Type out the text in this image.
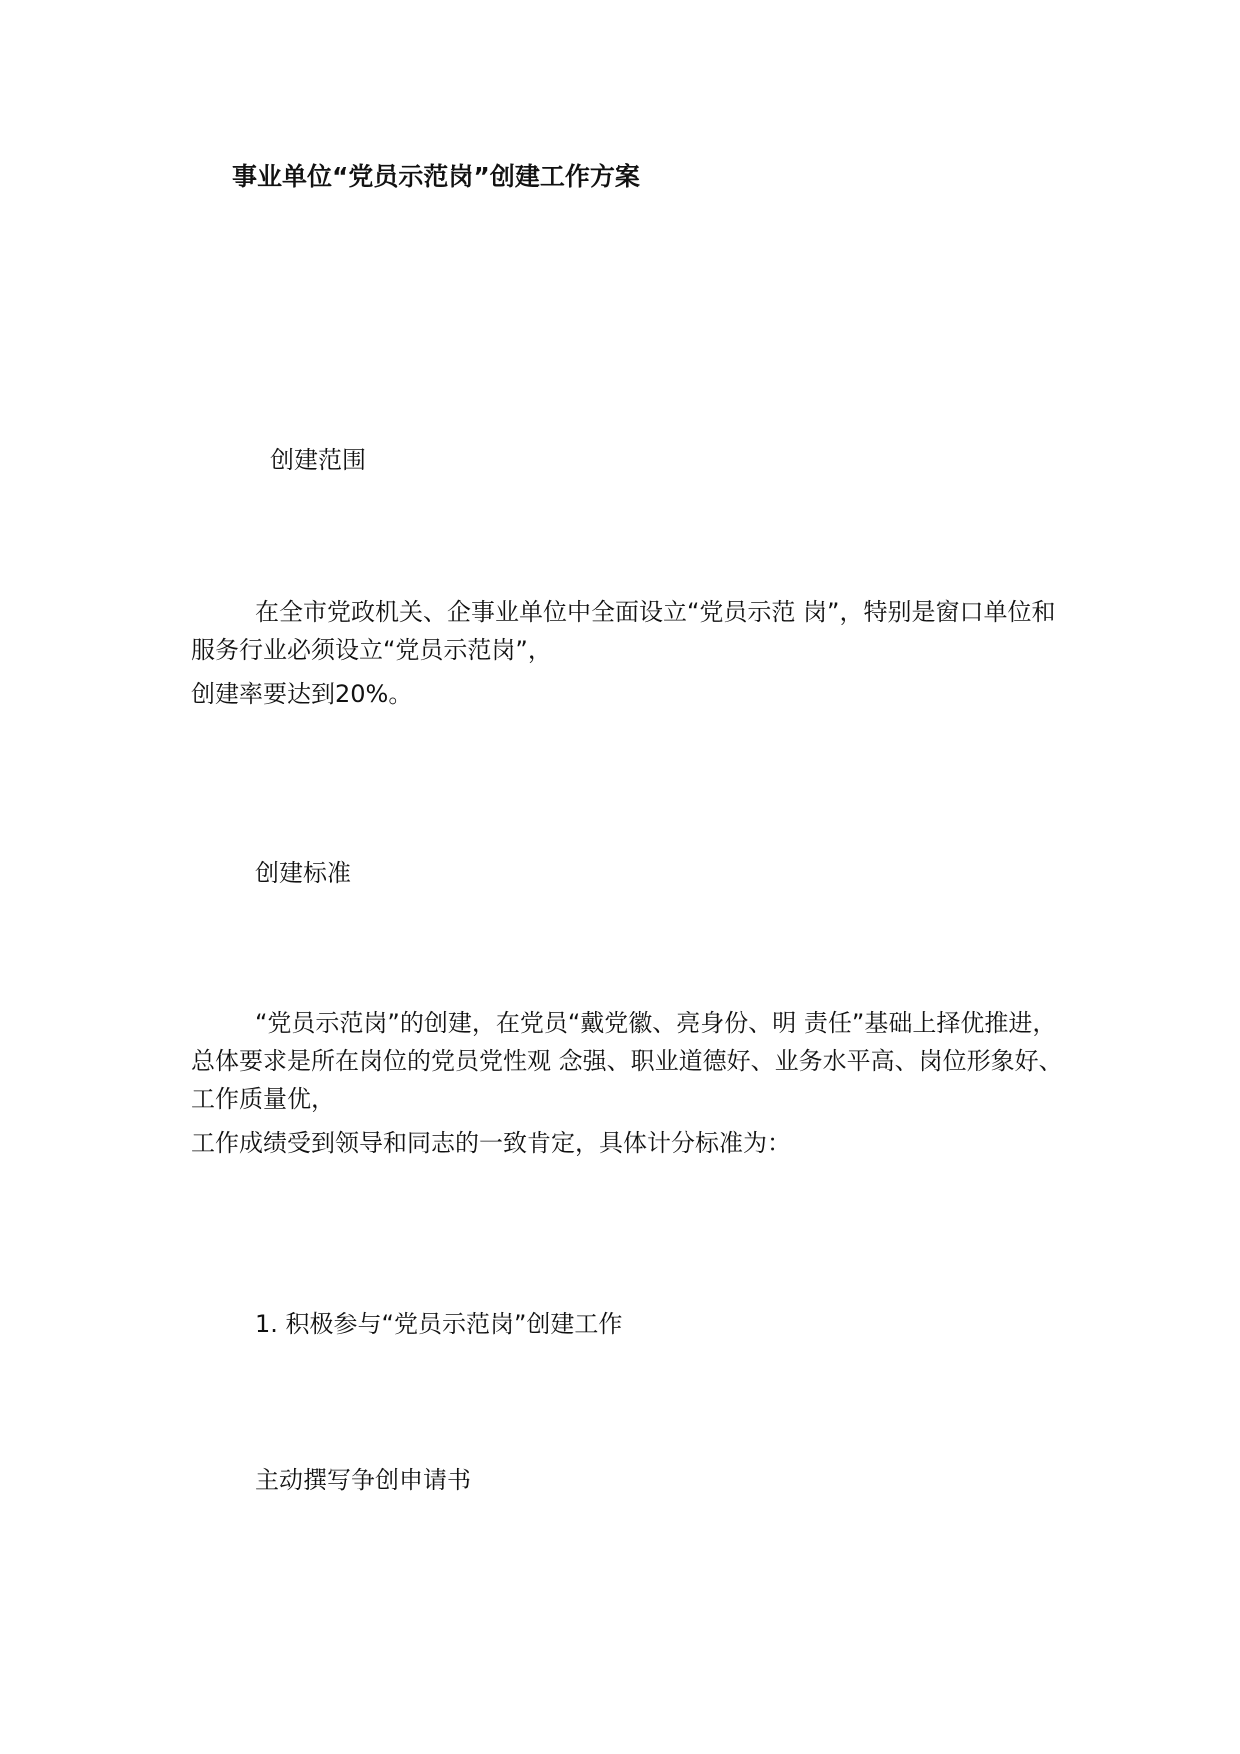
事业单位“党员示范岗”创建工作方案
创建范围

在全市党政机关、企事业单位中全面设立“党员示范 岗”，特别是窗口单位和服务行业必须设立“党员示范岗”，

创建率要达到20%。

创建标准

“党员示范岗”的创建，在党员“戴党徽、亮身份、明 责任”基础上择优推进，总体要求是所在岗位的党员党性观 念强、职业道德好、业务水平高、岗位形象好、工作质量优，

工作成绩受到领导和同志的一致肯定，具体计分标准为：

1. 积极参与“党员示范岗”创建工作
主动撰写争创申请书
